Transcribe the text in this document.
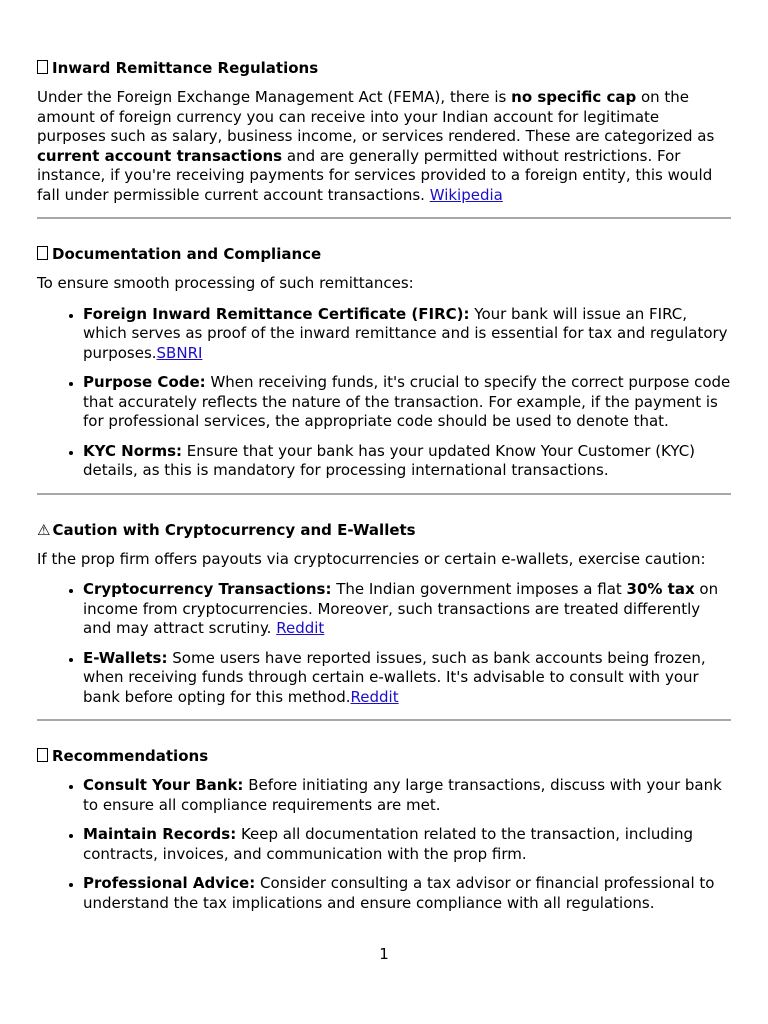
Inward Remittance Regulations

Under the Foreign Exchange Management Act (FEMA), there is no specific cap on the amount of foreign currency you can receive into your Indian account for legitimate purposes such as salary, business income, or services rendered. These are categorized as current account transactions and are generally permitted without restrictions. For instance, if you're receiving payments for services provided to a foreign entity, this would fall under permissible current account transactions. Wikipedia

Documentation and Compliance

To ensure smooth processing of such remittances:

• Foreign Inward Remittance Certificate (FIRC): Your bank will issue an FIRC, which serves as proof of the inward remittance and is essential for tax and regulatory purposes.SBNRI
• Purpose Code: When receiving funds, it's crucial to specify the correct purpose code that accurately reflects the nature of the transaction. For example, if the payment is for professional services, the appropriate code should be used to denote that.
• KYC Norms: Ensure that your bank has your updated Know Your Customer (KYC) details, as this is mandatory for processing international transactions.
⚠ Caution with Cryptocurrency and E-Wallets

If the prop firm offers payouts via cryptocurrencies or certain e-wallets, exercise caution:

• Cryptocurrency Transactions: The Indian government imposes a flat 30% tax on income from cryptocurrencies. Moreover, such transactions are treated differently and may attract scrutiny. Reddit
• E-Wallets: Some users have reported issues, such as bank accounts being frozen, when receiving funds through certain e-wallets. It's advisable to consult with your bank before opting for this method.Reddit
Recommendations
• Consult Your Bank: Before initiating any large transactions, discuss with your bank to ensure all compliance requirements are met.
• Maintain Records: Keep all documentation related to the transaction, including contracts, invoices, and communication with the prop firm.
• Professional Advice: Consider consulting a tax advisor or financial professional to understand the tax implications and ensure compliance with all regulations.
1
